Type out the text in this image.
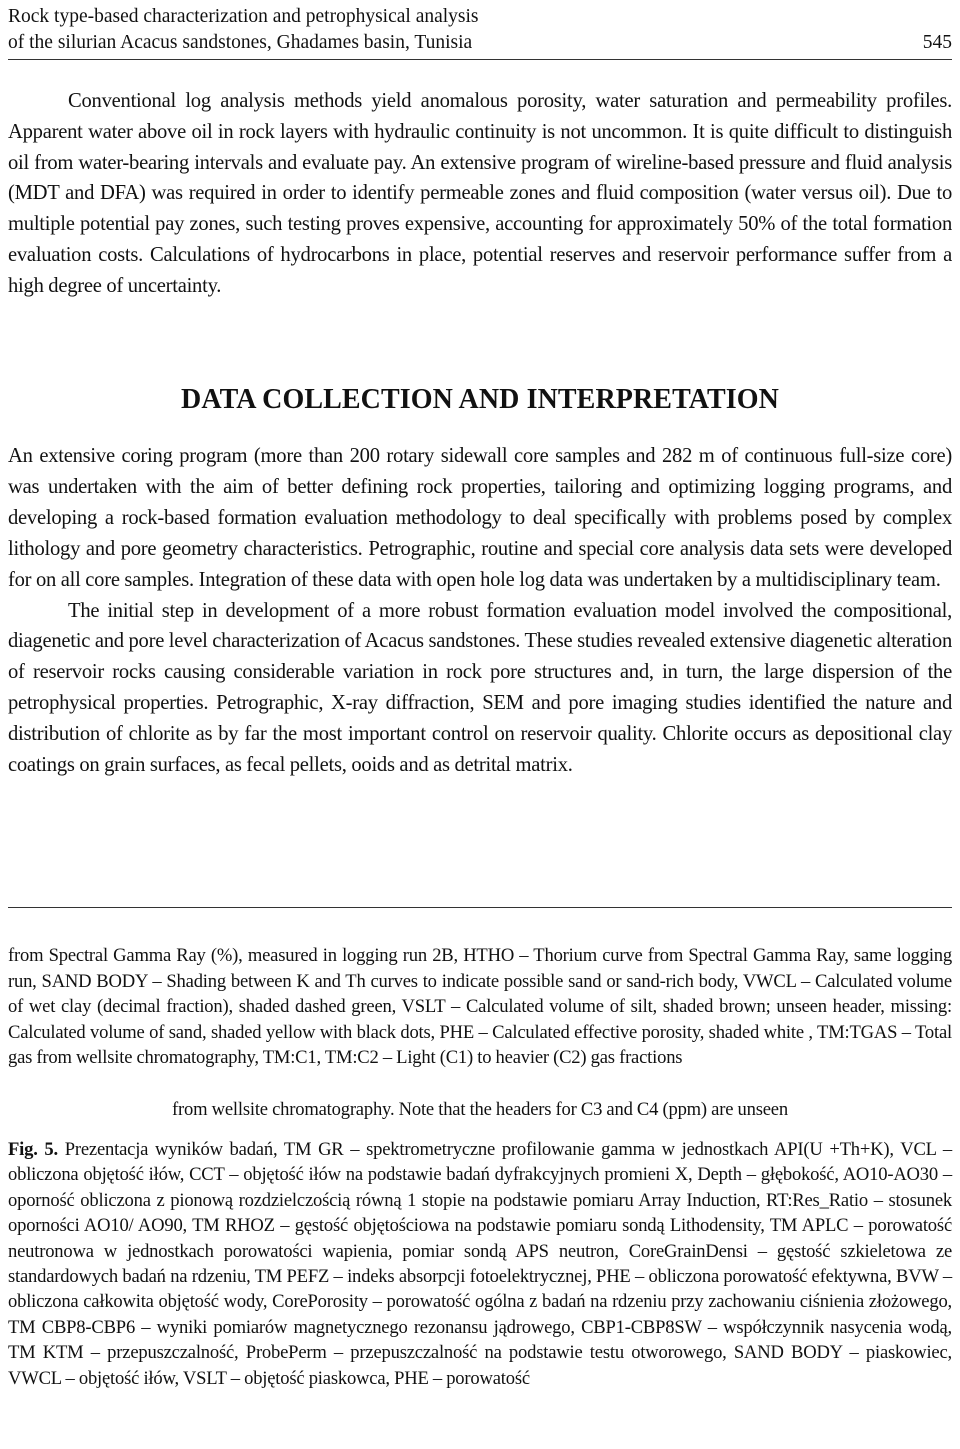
Rock type-based characterization and petrophysical analysis
of the silurian Acacus sandstones, Ghadames basin, Tunisia	545

Conventional log analysis methods yield anomalous porosity, water saturation and permeability profiles. Apparent water above oil in rock layers with hydraulic continuity is not uncommon. It is quite difficult to distinguish oil from water-bearing intervals and evaluate pay. An extensive program of wireline-based pressure and fluid analysis (MDT and DFA) was required in order to identify permeable zones and fluid composition (water versus oil). Due to multiple potential pay zones, such testing proves expensive, accounting for approximately 50% of the total formation evaluation costs. Calculations of hydrocarbons in place, potential reserves and reservoir performance suffer from a high degree of uncertainty.

DATA COLLECTION AND INTERPRETATION

An extensive coring program (more than 200 rotary sidewall core samples and 282 m of continuous full-size core) was undertaken with the aim of better defining rock properties, tailoring and optimizing logging programs, and developing a rock-based formation evaluation methodology to deal specifically with problems posed by complex lithology and pore geometry characteristics. Petrographic, routine and special core analysis data sets were developed for on all core samples. Integration of these data with open hole log data was undertaken by a multidisciplinary team.

The initial step in development of a more robust formation evaluation model involved the compositional, diagenetic and pore level characterization of Acacus sandstones. These studies revealed extensive diagenetic alteration of reservoir rocks causing considerable variation in rock pore structures and, in turn, the large dispersion of the petrophysical properties. Petrographic, X-ray diffraction, SEM and pore imaging studies identified the nature and distribution of chlorite as by far the most important control on reservoir quality. Chlorite occurs as depositional clay coatings on grain surfaces, as fecal pellets, ooids and as detrital matrix.

from Spectral Gamma Ray (%), measured in logging run 2B, HTHO – Thorium curve from Spectral Gamma Ray, same logging run, SAND BODY – Shading between K and Th curves to indicate possible sand or sand-rich body, VWCL – Calculated volume of wet clay (decimal fraction), shaded dashed green, VSLT – Calculated volume of silt, shaded brown; unseen header, missing: Calculated volume of sand, shaded yellow with black dots, PHE – Calculated effective porosity, shaded white , TM:TGAS – Total gas from wellsite chromatography, TM:C1, TM:C2 – Light (C1) to heavier (C2) gas fractions
from wellsite chromatography. Note that the headers for C3 and C4 (ppm) are unseen
Fig. 5. Prezentacja wyników badań, TM GR – spektrometryczne profilowanie gamma w jednostkach API(U +Th+K), VCL – obliczona objętość iłów, CCT – objętość iłów na podstawie badań dyfrakcyjnych promieni X, Depth – głębokość, AO10-AO30 – oporność obliczona z pionową rozdzielczością równą 1 stopie na podstawie pomiaru Array Induction, RT:Res_Ratio – stosunek oporności AO10/ AO90, TM RHOZ – gęstość objętościowa na podstawie pomiaru sondą Lithodensity, TM APLC – porowatość neutronowa w jednostkach porowatości wapienia, pomiar sondą APS neutron, CoreGrainDensi – gęstość szkieletowa ze standardowych badań na rdzeniu, TM PEFZ – indeks absorpcji fotoelektrycznej, PHE – obliczona porowatość efektywna, BVW – obliczona całkowita objętość wody, CorePorosity – porowatość ogólna z badań na rdzeniu przy zachowaniu ciśnienia złożowego, TM CBP8-CBP6 – wyniki pomiarów magnetycznego rezonansu jądrowego, CBP1-CBP8SW – współczynnik nasycenia wodą, TM KTM – przepuszczalność, ProbePerm – przepuszczalność na podstawie testu otworowego, SAND BODY – piaskowiec, VWCL – objętość iłów, VSLT – objętość piaskowca, PHE – porowatość
